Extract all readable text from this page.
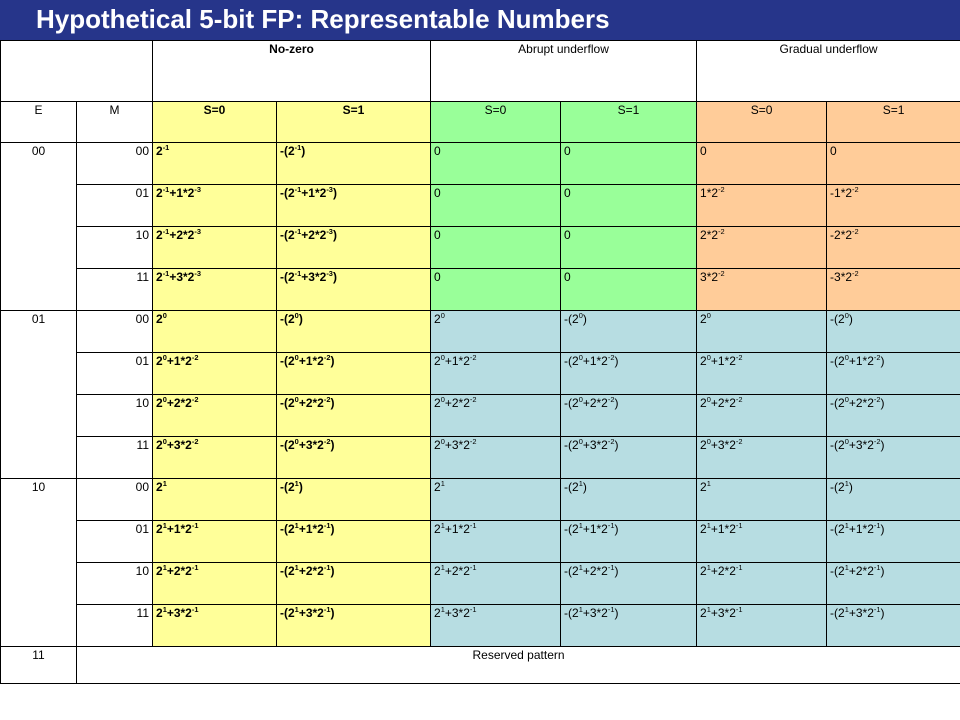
Hypothetical 5-bit FP: Representable Numbers
		No-zero		Abrupt underflow		Gradual underflow	
E	M	S=0	S=1	S=0	S=1	S=0	S=1
00	00	$2^{-1}$	$-(2^{-1})$	0	0	0	0
	01	$2^{-1}+1*2^{-3}$	$-(2^{-1}+1*2^{-3})$	0	0	$1*2^{-2}$	$-1*2^{-2}$
	10	$2^{-1}+2*2^{-3}$	$-(2^{-1}+2*2^{-3})$	0	0	$2*2^{-2}$	$-2*2^{-2}$
	11	$2^{-1}+3*2^{-3}$	$-(2^{-1}+3*2^{-3})$	0	0	$3*2^{-2}$	$-3*2^{-2}$
01	00	$2^0$	$-(2^0)$	$2^0$	$-(2^0)$	$2^0$	$-(2^0)$
	01	$2^0+1*2^{-2}$	$-(2^0+1*2^{-2})$	$2^0+1*2^{-2}$	$-(2^0+1*2^{-2})$	$2^0+1*2^{-2}$	$-(2^0+1*2^{-2})$
	10	$2^0+2*2^{-2}$	$-(2^0+2*2^{-2})$	$2^0+2*2^{-2}$	$-(2^0+2*2^{-2})$	$2^0+2*2^{-2}$	$-(2^0+2*2^{-2})$
	11	$2^0+3*2^{-2}$	$-(2^0+3*2^{-2})$	$2^0+3*2^{-2}$	$-(2^0+3*2^{-2})$	$2^0+3*2^{-2}$	$-(2^0+3*2^{-2})$
10	00	$2^1$	$-(2^1)$	$2^1$	$-(2^1)$	$2^1$	$-(2^1)$
	01	$2^1+1*2^{-1}$	$-(2^1+1*2^{-1})$	$2^1+1*2^{-1}$	$-(2^1+1*2^{-1})$	$2^1+1*2^{-1}$	$-(2^1+1*2^{-1})$
	10	$2^1+2*2^{-1}$	$-(2^1+2*2^{-1})$	$2^1+2*2^{-1}$	$-(2^1+2*2^{-1})$	$2^1+2*2^{-1}$	$-(2^1+2*2^{-1})$
	11	$2^1+3*2^{-1}$	$-(2^1+3*2^{-1})$	$2^1+3*2^{-1}$	$-(2^1+3*2^{-1})$	$2^1+3*2^{-1}$	$-(2^1+3*2^{-1})$
11	Reserved pattern						
